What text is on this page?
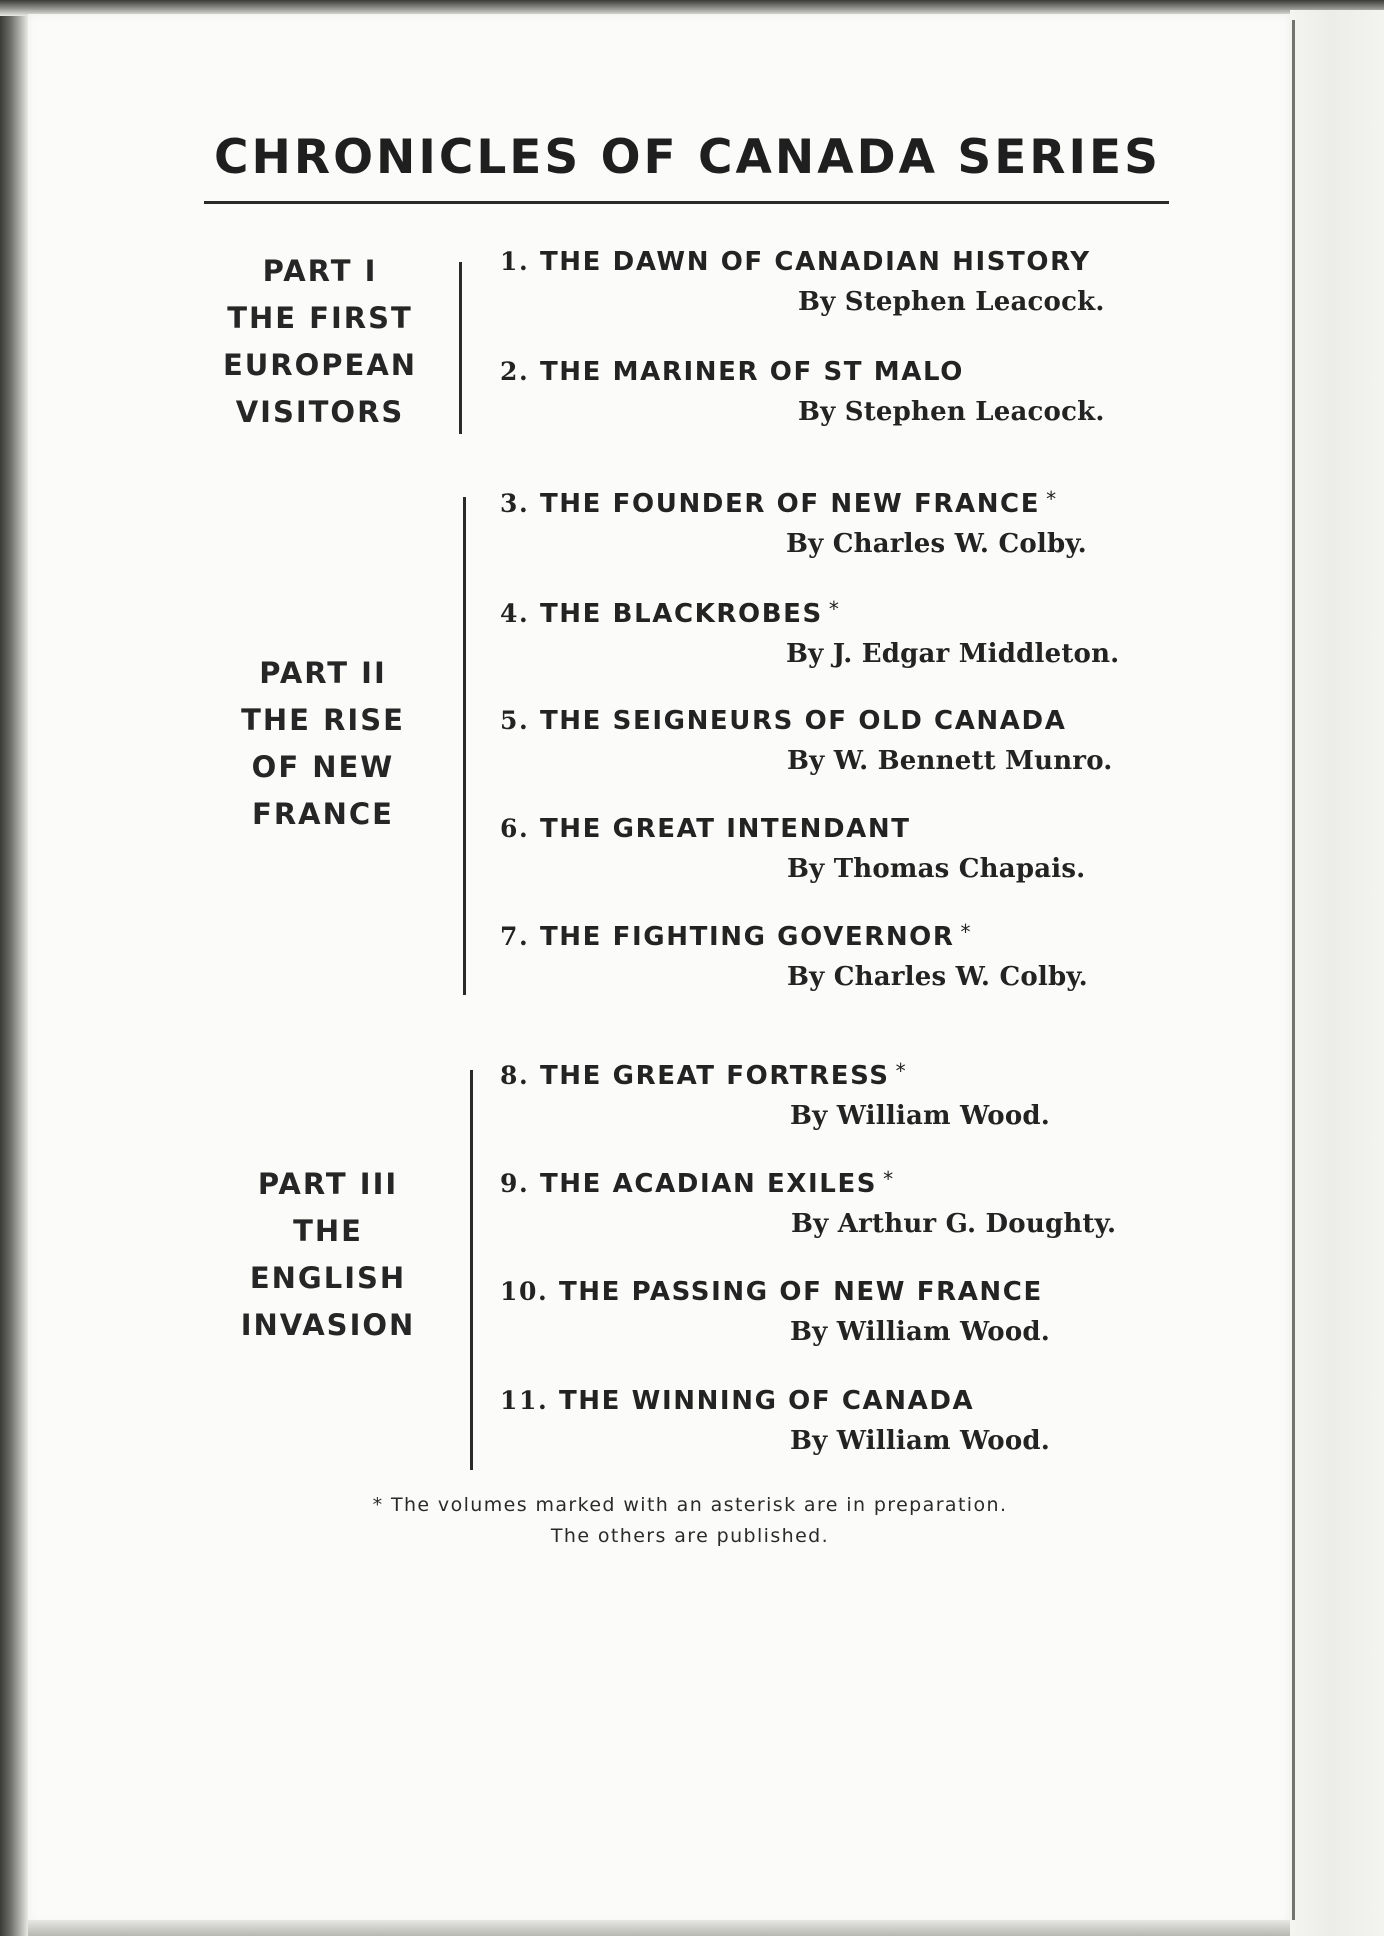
CHRONICLES OF CANADA SERIES
PART I
THE FIRST
EUROPEAN
VISITORS
1. THE DAWN OF CANADIAN HISTORY
By Stephen Leacock.
2. THE MARINER OF ST MALO
By Stephen Leacock.
PART II
THE RISE
OF NEW
FRANCE
3. THE FOUNDER OF NEW FRANCE *
By Charles W. Colby.
4. THE BLACKROBES *
By J. Edgar Middleton.
5. THE SEIGNEURS OF OLD CANADA
By W. Bennett Munro.
6. THE GREAT INTENDANT
By Thomas Chapais.
7. THE FIGHTING GOVERNOR *
By Charles W. Colby.
PART III
THE
ENGLISH
INVASION
8. THE GREAT FORTRESS *
By William Wood.
9. THE ACADIAN EXILES *
By Arthur G. Doughty.
10. THE PASSING OF NEW FRANCE
By William Wood.
11. THE WINNING OF CANADA
By William Wood.
* The volumes marked with an asterisk are in preparation.
The others are published.
